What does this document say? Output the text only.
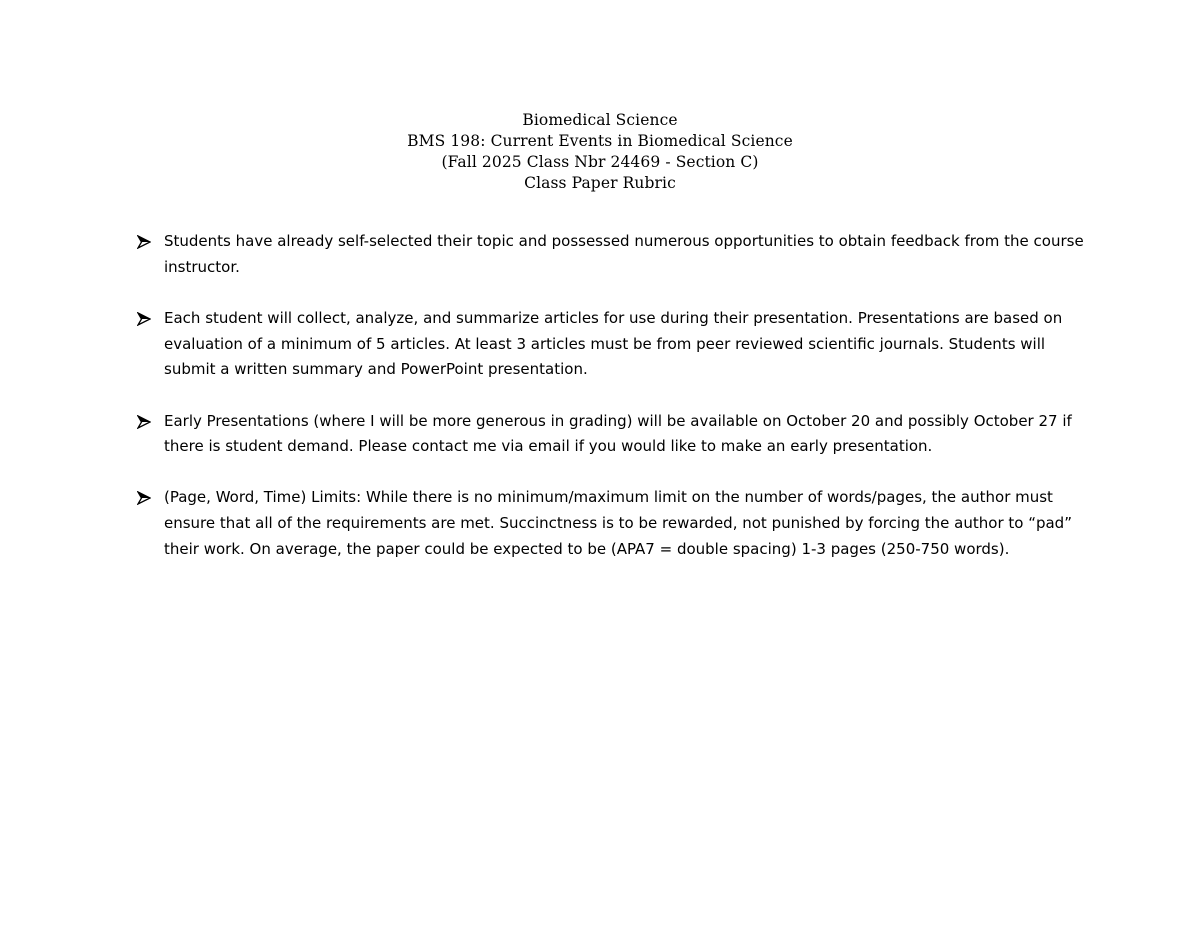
Biomedical Science
BMS 198: Current Events in Biomedical Science
(Fall 2025 Class Nbr 24469 - Section C)
Class Paper Rubric
Students have already self-selected their topic and possessed numerous opportunities to obtain feedback from the course instructor.
Each student will collect, analyze, and summarize articles for use during their presentation. Presentations are based on evaluation of a minimum of 5 articles. At least 3 articles must be from peer reviewed scientific journals. Students will submit a written summary and PowerPoint presentation.
Early Presentations (where I will be more generous in grading) will be available on October 20 and possibly October 27 if there is student demand. Please contact me via email if you would like to make an early presentation.
(Page, Word, Time) Limits: While there is no minimum/maximum limit on the number of words/pages, the author must ensure that all of the requirements are met. Succinctness is to be rewarded, not punished by forcing the author to “pad” their work. On average, the paper could be expected to be (APA7 = double spacing) 1-3 pages (250-750 words).
